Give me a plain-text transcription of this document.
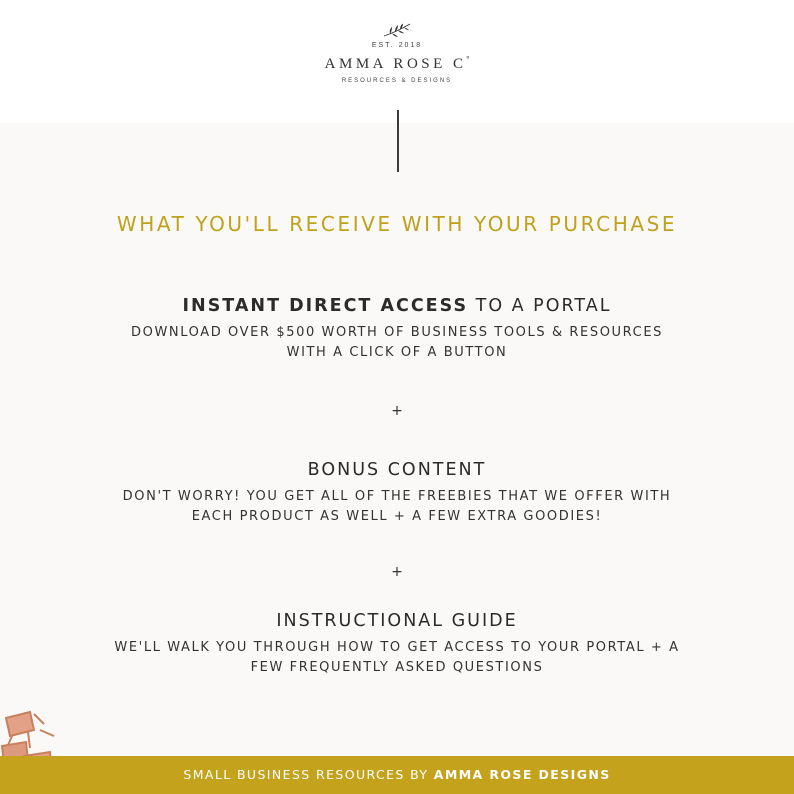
EST. 2018
AMMA ROSE $C^º$
RESOURCES & DESIGNS
WHAT YOU'LL RECEIVE WITH YOUR PURCHASE
INSTANT DIRECT ACCESS TO A PORTAL
DOWNLOAD OVER $500 WORTH OF BUSINESS TOOLS & RESOURCES
WITH A CLICK OF A BUTTON
+
BONUS CONTENT
DON'T WORRY! YOU GET ALL OF THE FREEBIES THAT WE OFFER WITH
EACH PRODUCT AS WELL + A FEW EXTRA GOODIES!
+
INSTRUCTIONAL GUIDE
WE'LL WALK YOU THROUGH HOW TO GET ACCESS TO YOUR PORTAL + A
FEW FREQUENTLY ASKED QUESTIONS
SMALL BUSINESS RESOURCES BY AMMA ROSE DESIGNS
